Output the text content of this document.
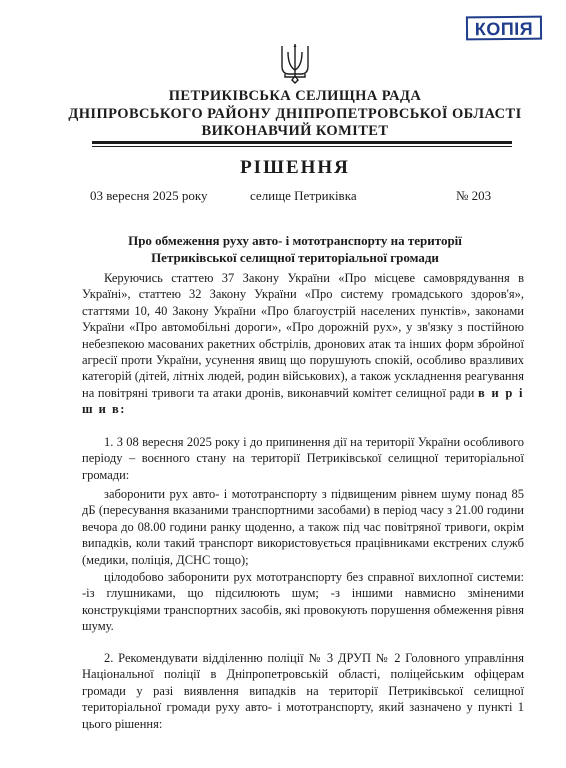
КОПІЯ
ПЕТРИКІВСЬКА СЕЛИЩНА РАДА
ДНІПРОВСЬКОГО РАЙОНУ ДНІПРОПЕТРОВСЬКОЇ ОБЛАСТІ
ВИКОНАВЧИЙ КОМІТЕТ
РІШЕННЯ
03 вересня 2025 року	селище Петриківка	№ 203
Про обмеження руху авто- і мототранспорту на території
Петриківської селищної територіальної громади

Керуючись статтею 37 Закону України «Про місцеве самоврядування в Україні», статтею 32 Закону України «Про систему громадського здоров'я», статтями 10, 40 Закону України «Про благоустрій населених пунктів», законами України «Про автомобільні дороги», «Про дорожній рух», у зв'язку з постійною небезпекою масованих ракетних обстрілів, дронових атак та інших форм збройної агресії проти України, усунення явищ що порушують спокій, особливо вразливих категорій (дітей, літніх людей, родин військових), а також ускладнення реагування на повітряні тривоги та атаки дронів, виконавчий комітет селищної ради в и р і ш и в:

1. З 08 вересня 2025 року і до припинення дії на території України особливого періоду – воєнного стану на території Петриківської селищної територіальної громади:

заборонити рух авто- і мототранспорту з підвищеним рівнем шуму понад 85 дБ (пересування вказаними транспортними засобами) в період часу з 21.00 години вечора до 08.00 години ранку щоденно, а також під час повітряної тривоги, окрім випадків, коли такий транспорт використовується працівниками екстрених служб (медики, поліція, ДСНС тощо);

цілодобово заборонити рух мототранспорту без справної вихлопної системи: -із глушниками, що підсилюють шум; -з іншими навмисно зміненими конструкціями транспортних засобів, які провокують порушення обмеження рівня шуму.

2. Рекомендувати відділенню поліції № 3 ДРУП № 2 Головного управління Національної поліції в Дніпропетровській області, поліцейським офіцерам громади у разі виявлення випадків на території Петриківської селищної територіальної громади руху авто- і мототранспорту, який зазначено у пункті 1 цього рішення:
